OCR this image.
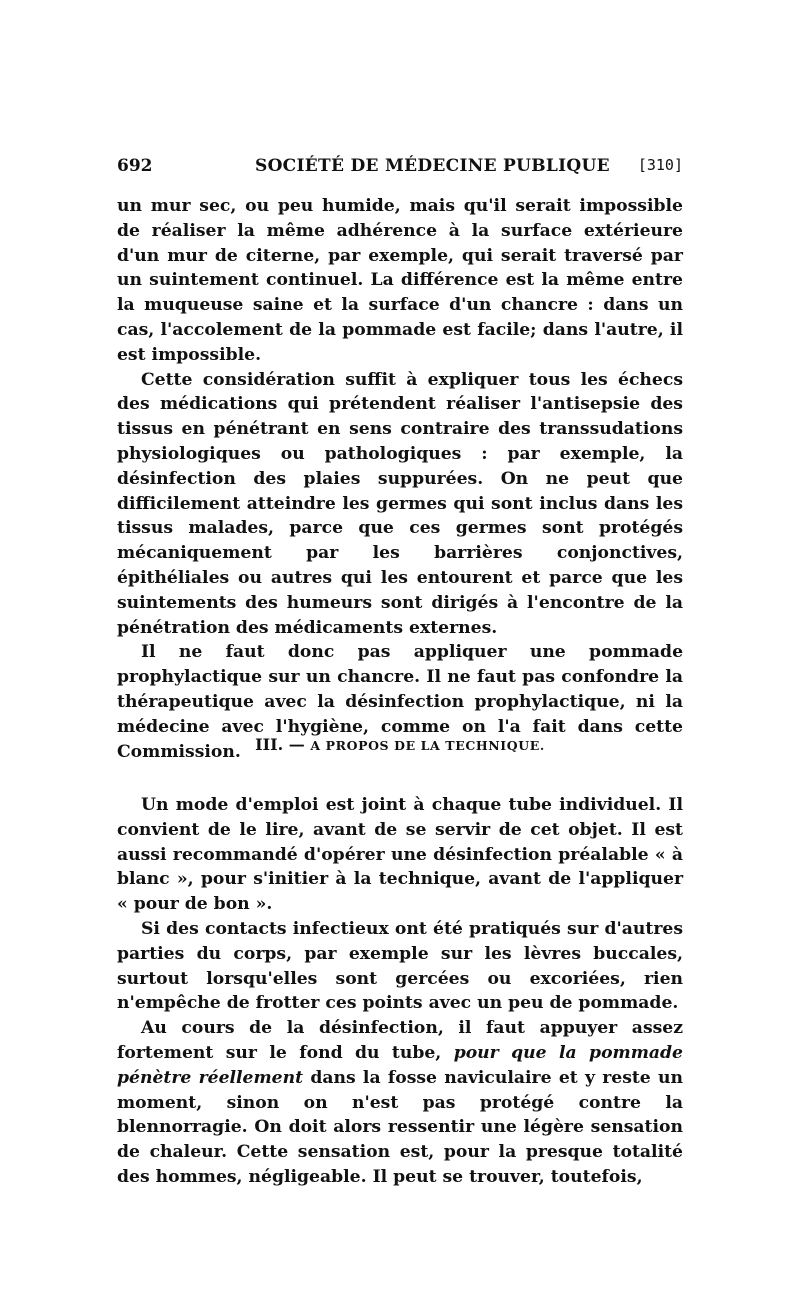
692	SOCIÉTÉ DE MÉDECINE PUBLIQUE [310]

un mur sec, ou peu humide, mais qu'il serait impossible de réaliser la même adhérence à la surface extérieure d'un mur de citerne, par exemple, qui serait traversé par un suintement continuel. La différence est la même entre la muqueuse saine et la surface d'un chancre : dans un cas, l'accolement de la pommade est facile; dans l'autre, il est impossible.

Cette considération suffit à expliquer tous les échecs des médications qui prétendent réaliser l'antisepsie des tissus en pénétrant en sens contraire des transsudations physiologiques ou pathologiques : par exemple, la désinfection des plaies suppurées. On ne peut que difficilement atteindre les germes qui sont inclus dans les tissus malades, parce que ces germes sont protégés mécaniquement par les barrières conjonctives, épithéliales ou autres qui les entourent et parce que les suintements des humeurs sont dirigés à l'encontre de la pénétration des médicaments externes.

Il ne faut donc pas appliquer une pommade prophylactique sur un chancre. Il ne faut pas confondre la thérapeutique avec la désinfection prophylactique, ni la médecine avec l'hygiène, comme on l'a fait dans cette Commission. III. — A PROPOS DE LA TECHNIQUE.

Un mode d'emploi est joint à chaque tube individuel. Il convient de le lire, avant de se servir de cet objet. Il est aussi recommandé d'opérer une désinfection préalable « à blanc », pour s'initier à la technique, avant de l'appliquer « pour de bon ».

Si des contacts infectieux ont été pratiqués sur d'autres parties du corps, par exemple sur les lèvres buccales, surtout lorsqu'elles sont gercées ou excoriées, rien n'empêche de frotter ces points avec un peu de pommade.

Au cours de la désinfection, il faut appuyer assez fortement sur le fond du tube, pour que la pommade pénètre réellement dans la fosse naviculaire et y reste un moment, sinon on n'est pas protégé contre la blennorragie. On doit alors ressentir une légère sensation de chaleur. Cette sensation est, pour la presque totalité des hommes, négligeable. Il peut se trouver, toutefois,
